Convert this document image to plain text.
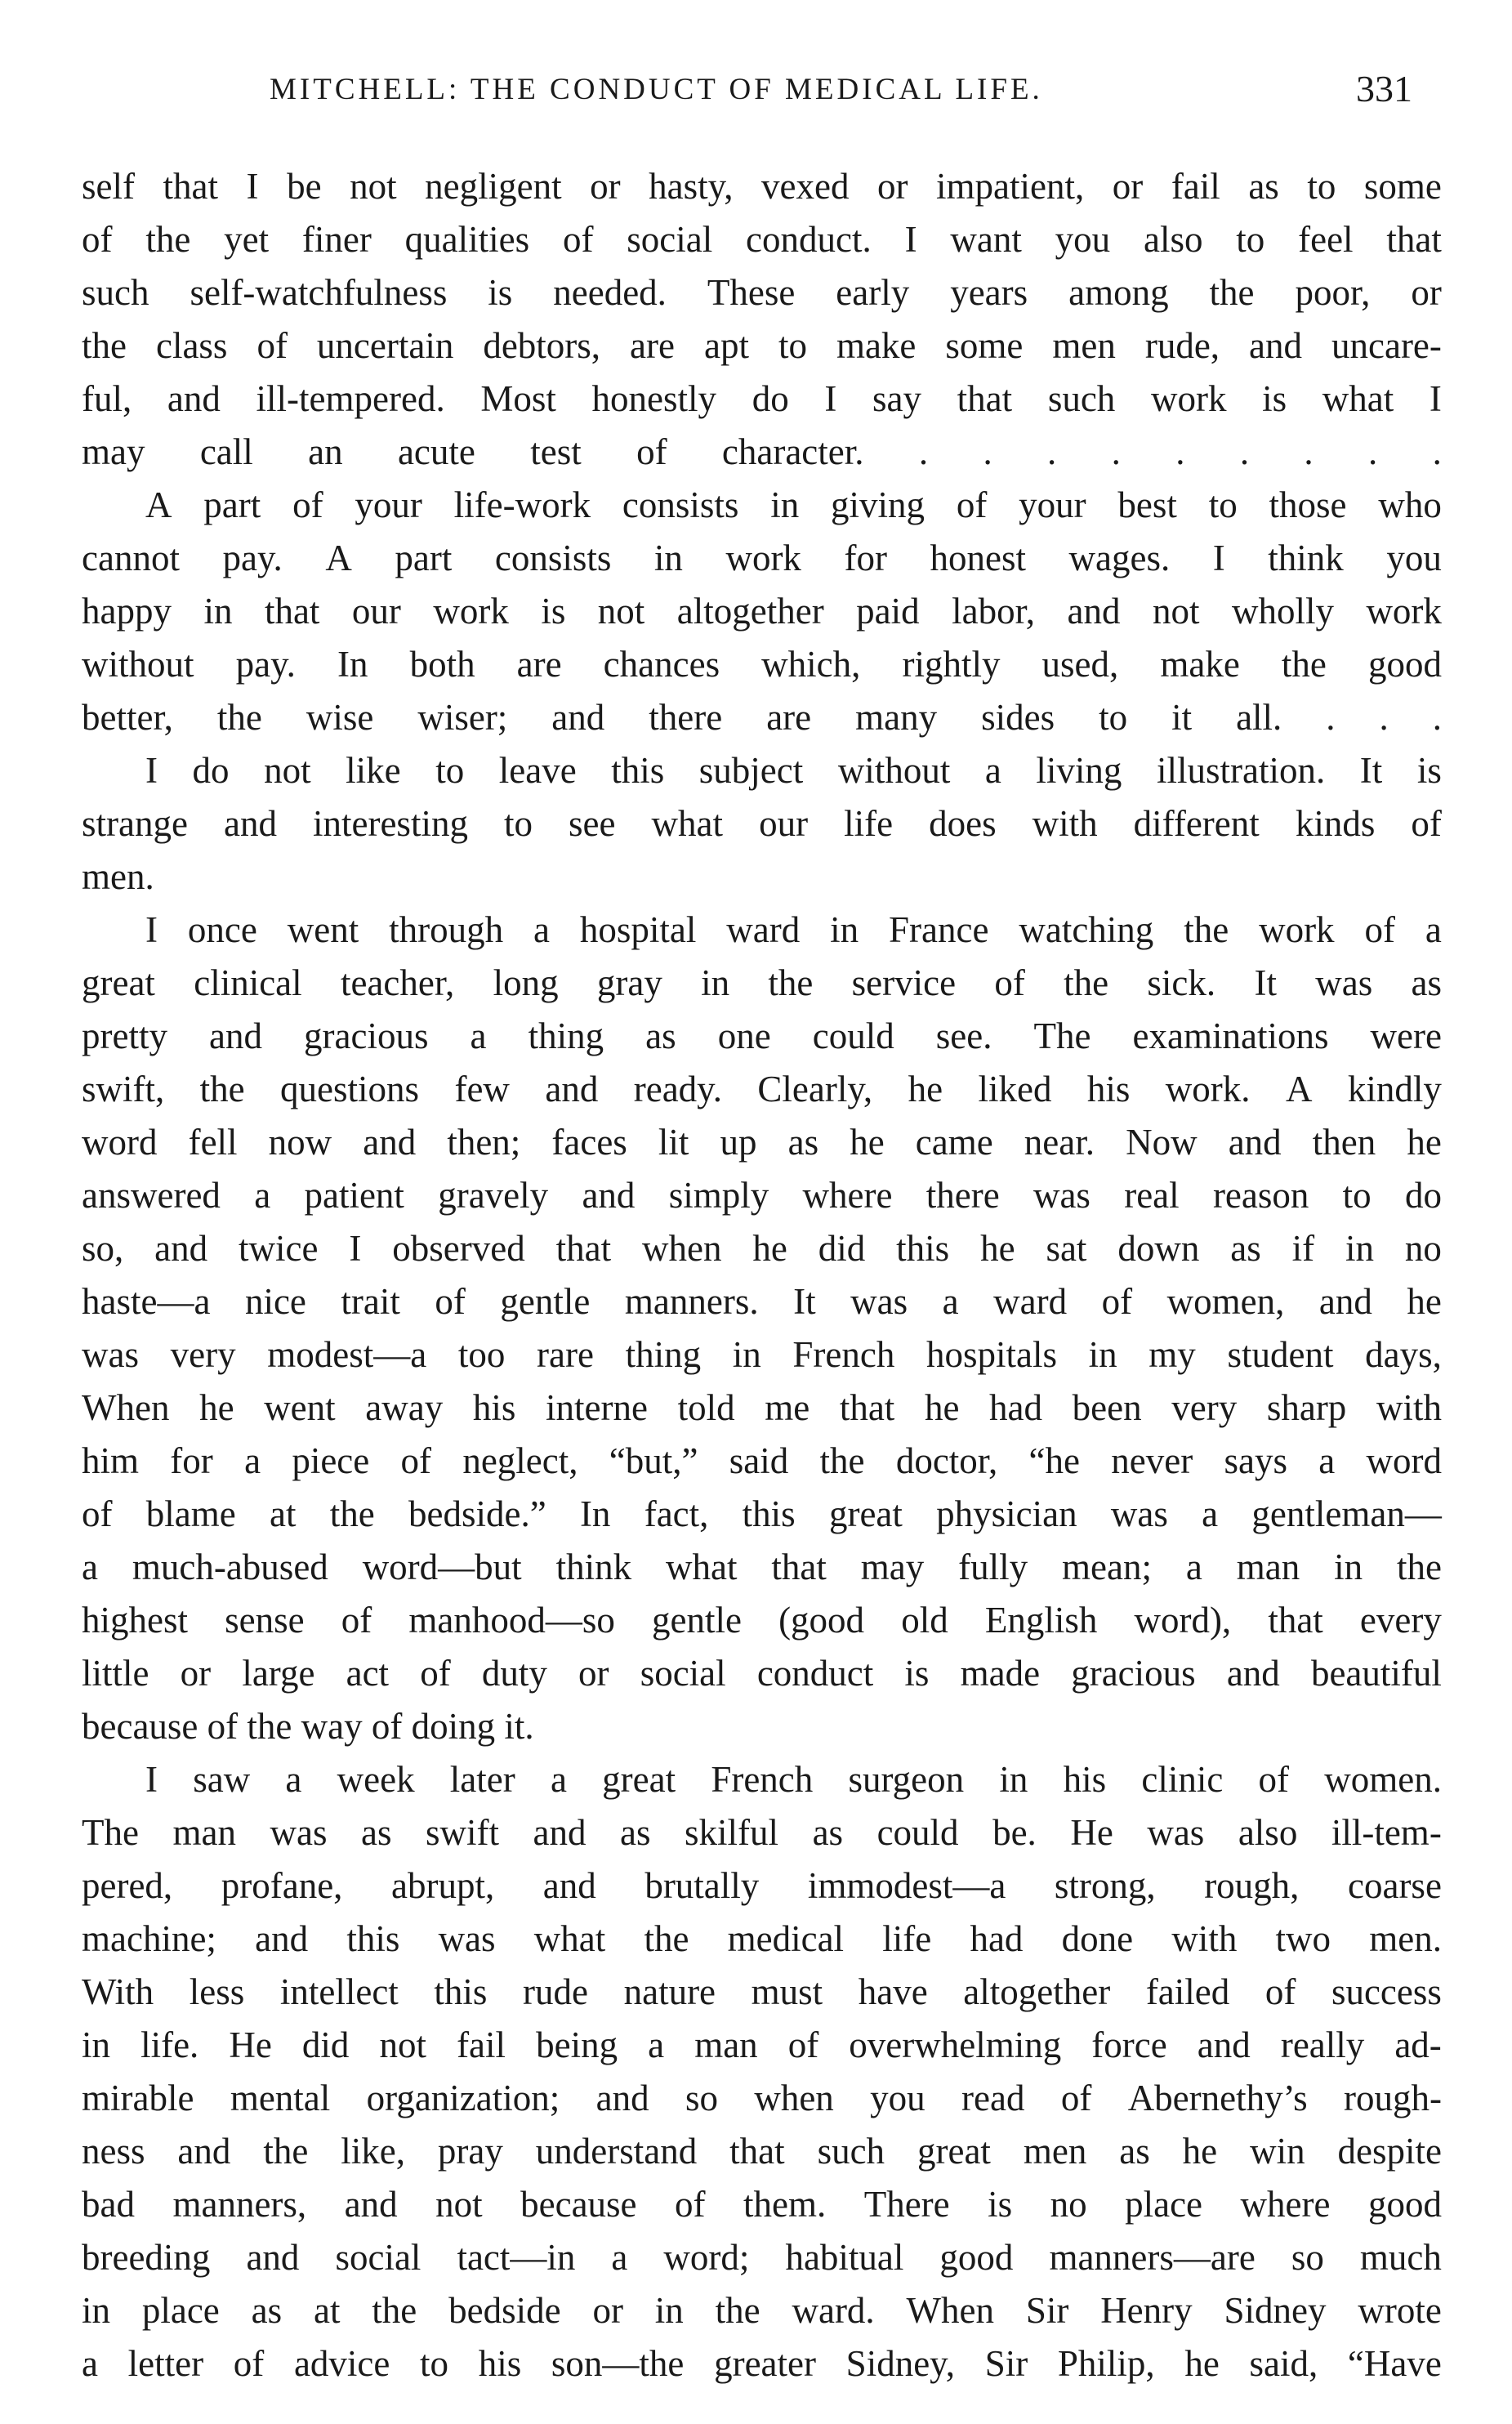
MITCHELL: THE CONDUCT OF MEDICAL LIFE.	331
self that I be not negligent or hasty, vexed or impatient, or fail as to some
of the yet finer qualities of social conduct. I want you also to feel that
such self-watchfulness is needed. These early years among the poor, or
the class of uncertain debtors, are apt to make some men rude, and uncare-
ful, and ill-tempered. Most honestly do I say that such work is what I
may call an acute test of character. . . . . . . . . .
A part of your life-work consists in giving of your best to those who
cannot pay. A part consists in work for honest wages. I think you
happy in that our work is not altogether paid labor, and not wholly work
without pay. In both are chances which, rightly used, make the good
better, the wise wiser; and there are many sides to it all. . . .
I do not like to leave this subject without a living illustration. It is
strange and interesting to see what our life does with different kinds of
men.
I once went through a hospital ward in France watching the work of a
great clinical teacher, long gray in the service of the sick. It was as
pretty and gracious a thing as one could see. The examinations were
swift, the questions few and ready. Clearly, he liked his work. A kindly
word fell now and then; faces lit up as he came near. Now and then he
answered a patient gravely and simply where there was real reason to do
so, and twice I observed that when he did this he sat down as if in no
haste—a nice trait of gentle manners. It was a ward of women, and he
was very modest—a too rare thing in French hospitals in my student days,
When he went away his interne told me that he had been very sharp with
him for a piece of neglect, “but,” said the doctor, “he never says a word
of blame at the bedside.” In fact, this great physician was a gentleman—
a much-abused word—but think what that may fully mean; a man in the
highest sense of manhood—so gentle (good old English word), that every
little or large act of duty or social conduct is made gracious and beautiful
because of the way of doing it.
I saw a week later a great French surgeon in his clinic of women.
The man was as swift and as skilful as could be. He was also ill-tem-
pered, profane, abrupt, and brutally immodest—a strong, rough, coarse
machine; and this was what the medical life had done with two men.
With less intellect this rude nature must have altogether failed of success
in life. He did not fail being a man of overwhelming force and really ad-
mirable mental organization; and so when you read of Abernethy’s rough-
ness and the like, pray understand that such great men as he win despite
bad manners, and not because of them. There is no place where good
breeding and social tact—in a word; habitual good manners—are so much
in place as at the bedside or in the ward. When Sir Henry Sidney wrote
a letter of advice to his son—the greater Sidney, Sir Philip, he said, “Have
